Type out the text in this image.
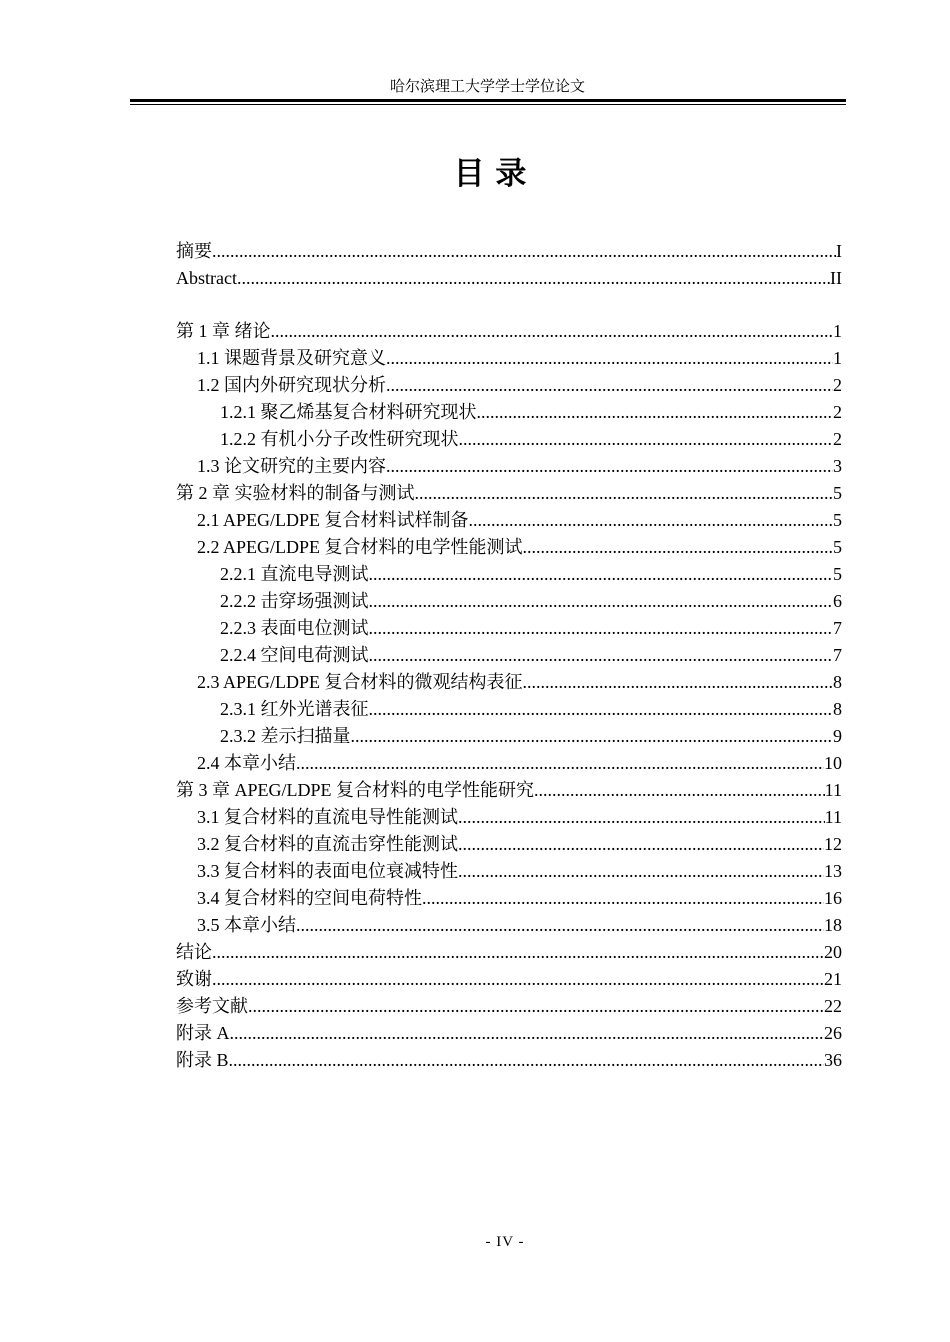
哈尔滨理工大学学士学位论文
目 录
摘要 .....	I
Abstract .....	II
第 1 章 绪论 .....	1
1.1 课题背景及研究意义 .....	1
1.2 国内外研究现状分析 .....	2
1.2.1 聚乙烯基复合材料研究现状 .....	2
1.2.2 有机小分子改性研究现状 .....	2
1.3 论文研究的主要内容 .....	3
第 2 章 实验材料的制备与测试 .....	5
2.1 APEG/LDPE 复合材料试样制备 .....	5
2.2 APEG/LDPE 复合材料的电学性能测试 .....	5
2.2.1 直流电导测试 .....	5
2.2.2 击穿场强测试 .....	6
2.2.3 表面电位测试 .....	7
2.2.4 空间电荷测试 .....	7
2.3 APEG/LDPE 复合材料的微观结构表征 .....	8
2.3.1 红外光谱表征 .....	8
2.3.2 差示扫描量 .....	9
2.4 本章小结 .....	10
第 3 章 APEG/LDPE 复合材料的电学性能研究 .....	11
3.1 复合材料的直流电导性能测试 .....	11
3.2 复合材料的直流击穿性能测试 .....	12
3.3 复合材料的表面电位衰减特性 .....	13
3.4 复合材料的空间电荷特性 .....	16
3.5 本章小结 .....	18
结论 .....	20
致谢 .....	21
参考文献 .....	22
附录 A .....	26
附录 B .....	36
- IV -
